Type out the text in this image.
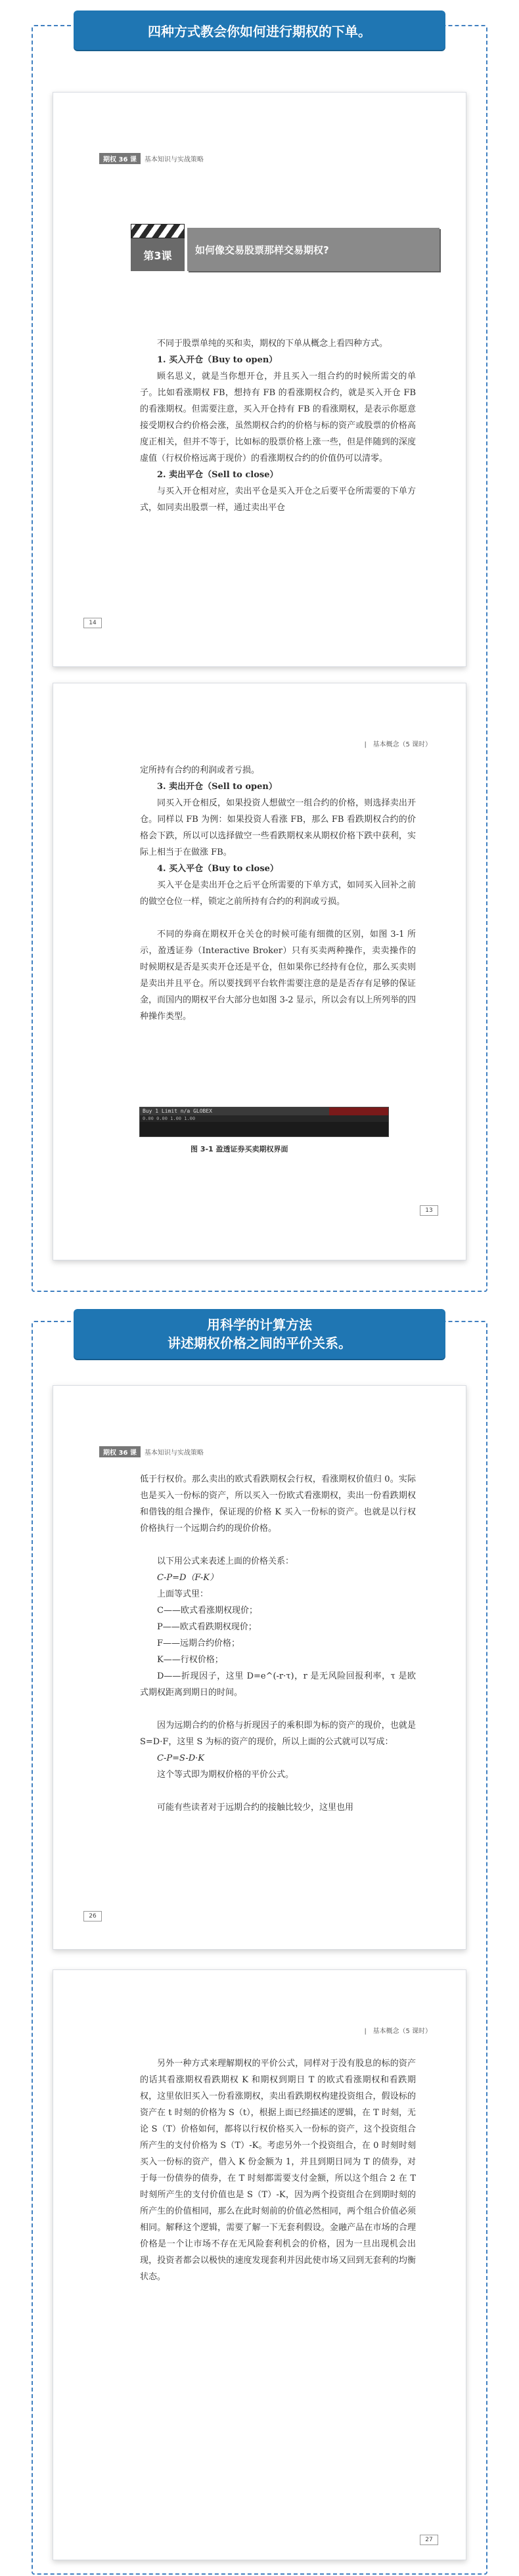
四种方式教会你如何进行期权的下单。
期权 36 课	基本知识与实战策略
第3课	如何像交易股票那样交易期权?

不同于股票单纯的买和卖，期权的下单从概念上看四种方式。

1. 买入开仓（Buy to open）

顾名思义，就是当你想开仓，并且买入一组合约的时候所需交的单子。比如看涨期权 FB，想持有 FB 的看涨期权合约，就是买入开仓 FB 的看涨期权。但需要注意，买入开仓持有 FB 的看涨期权，是表示你愿意接受期权合约价格会涨，虽然期权合约的价格与标的资产或股票的价格高度正相关，但并不等于，比如标的股票价格上涨一些，但是伴随到的深度虚值（行权价格远离于现价）的看涨期权合约的价值仍可以清零。

2. 卖出平仓（Sell to close）

与买入开仓相对应，卖出平仓是买入开仓之后要平仓所需要的下单方式，如同卖出股票一样，通过卖出平仓

14
|   基本概念（5 课时）

定所持有合约的利润或者亏损。

3. 卖出开仓（Sell to open）

同买入开仓相反，如果投资人想做空一组合约的价格，则选择卖出开仓。同样以 FB 为例：如果投资人看涨 FB，那么 FB 看跌期权合约的价格会下跌，所以可以选择做空一些看跌期权来从期权价格下跌中获利，实际上相当于在做涨 FB。

4. 买入平仓（Buy to close）

买入平仓是卖出开仓之后平仓所需要的下单方式，如同买入回补之前的做空仓位一样，锁定之前所持有合约的利润或亏损。

不同的券商在期权开仓关仓的时候可能有细微的区别，如图 3-1 所示，盈透证券（Interactive Broker）只有买卖两种操作，卖卖操作的时候期权是否是买卖开仓还是平仓，但如果你已经持有仓位，那么买卖则是卖出并且平仓。所以要找到平台软件需要注意的是是否存有足够的保证金，而国内的期权平台大部分也如图 3-2 显示，所以会有以上所列举的四种操作类型。

13
Buy 1 Limit n/a GLOBEX
0.00 0.00 1.00 1.00
图 3-1 盈透证券买卖期权界面
用科学的计算方法
讲述期权价格之间的平价关系。
期权 36 课	基本知识与实战策略

低于行权价。那么卖出的欧式看跌期权会行权，看涨期权价值归 0。实际也是买入一份标的资产，所以买入一份欧式看涨期权，卖出一份看跌期权和借钱的组合操作，保证现的价格 K 买入一份标的资产。也就是以行权价格执行一个远期合约的现价价格。

以下用公式来表述上面的价格关系：

C-P=D（F-K）

上面等式里：

C——欧式看涨期权现价；

P——欧式看跌期权现价；

F——远期合约价格；

K——行权价格；

D——折现因子，这里 D=e^(-r·τ)，r 是无风险回报利率，τ 是欧式期权距离到期日的时间。

因为远期合约的价格与折现因子的乘积即为标的资产的现价，也就是 S=D·F，这里 S 为标的资产的现价，所以上面的公式就可以写成：

C-P=S-D·K

这个等式即为期权价格的平价公式。

可能有些读者对于远期合约的接触比较少，这里也用

26
|   基本概念（5 课时）

另外一种方式来理解期权的平价公式，同样对于没有股息的标的资产的话其看涨期权看跌期权 K 和期权到期日 T 的欧式看涨期权和看跌期权，这里依旧买入一份看涨期权，卖出看跌期权构建投资组合，假设标的资产在 t 时刻的价格为 S（t），根据上面已经描述的逻辑，在 T 时刻，无论 S（T）价格如何，都将以行权价格买入一份标的资产，这个投资组合所产生的支付价格为 S（T）-K。考虑另外一个投资组合，在 0 时刻时刻买入一份标的资产，借入 K 份金额为 1，并且到期日同为 T 的债券，对于每一份债券的债券，在 T 时刻都需要支付金额，所以这个组合 2 在 T 时刻所产生的支付价值也是 S（T）-K，因为两个投资组合在到期时刻的所产生的价值相同，那么在此时刻前的价值必然相同，两个组合价值必须相同。解释这个逻辑，需要了解一下无套利假设。金融产品在市场的合理价格是一个让市场不存在无风险套利机会的价格，因为一旦出现机会出现，投资者都会以极快的速度发现套利并因此使市场又回到无套利的均衡状态。

27
